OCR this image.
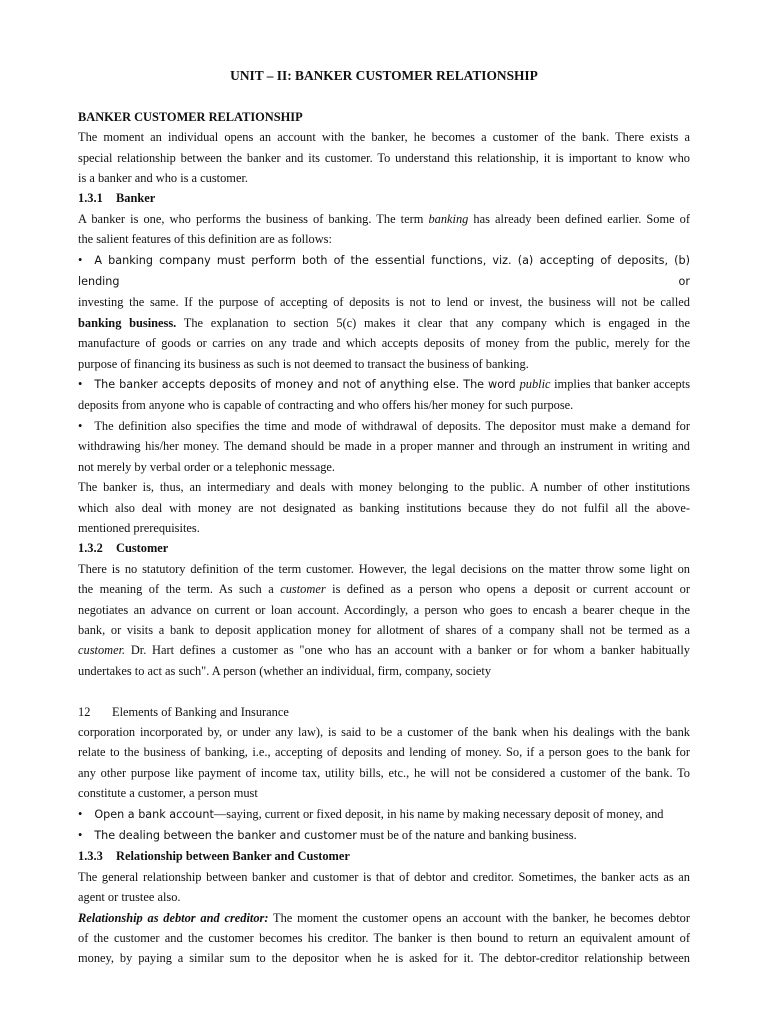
UNIT – II: BANKER CUSTOMER RELATIONSHIP

BANKER CUSTOMER RELATIONSHIP

The moment an individual opens an account with the banker, he becomes a customer of the bank. There exists a

special relationship between the banker and its customer. To understand this relationship, it is important to know who

is a banker and who is a customer.

1.3.1 Banker

A banker is one, who performs the business of banking. The term banking has already been defined earlier. Some of

the salient features of this definition are as follows:

• A banking company must perform both of the essential functions, viz. (a) accepting of deposits, (b) lending or

investing the same. If the purpose of accepting of deposits is not to lend or invest, the business will not be called

banking business. The explanation to section 5(c) makes it clear that any company which is engaged in the

manufacture of goods or carries on any trade and which accepts deposits of money from the public, merely for the

purpose of financing its business as such is not deemed to transact the business of banking.

• The banker accepts deposits of money and not of anything else. The word public implies that banker accepts

deposits from anyone who is capable of contracting and who offers his/her money for such purpose.

• The definition also specifies the time and mode of withdrawal of deposits. The depositor must make a demand for

withdrawing his/her money. The demand should be made in a proper manner and through an instrument in writing and

not merely by verbal order or a telephonic message.

The banker is, thus, an intermediary and deals with money belonging to the public. A number of other institutions

which also deal with money are not designated as banking institutions because they do not fulfil all the above-

mentioned prerequisites.

1.3.2 Customer

There is no statutory definition of the term customer. However, the legal decisions on the matter throw some light on

the meaning of the term. As such a customer is defined as a person who opens a deposit or current account or

negotiates an advance on current or loan account. Accordingly, a person who goes to encash a bearer cheque in the

bank, or visits a bank to deposit application money for allotment of shares of a company shall not be termed as a

customer. Dr. Hart defines a customer as "one who has an account with a banker or for whom a banker habitually

undertakes to act as such". A person (whether an individual, firm, company, society

12 Elements of Banking and Insurance

corporation incorporated by, or under any law), is said to be a customer of the bank when his dealings with the bank

relate to the business of banking, i.e., accepting of deposits and lending of money. So, if a person goes to the bank for

any other purpose like payment of income tax, utility bills, etc., he will not be considered a customer of the bank. To

constitute a customer, a person must

• Open a bank account—saying, current or fixed deposit, in his name by making necessary deposit of money, and

• The dealing between the banker and customer must be of the nature and banking business.

1.3.3 Relationship between Banker and Customer

The general relationship between banker and customer is that of debtor and creditor. Sometimes, the banker acts as an

agent or trustee also.

Relationship as debtor and creditor: The moment the customer opens an account with the banker, he becomes debtor

of the customer and the customer becomes his creditor. The banker is then bound to return an equivalent amount of

money, by paying a similar sum to the depositor when he is asked for it. The debtor-creditor relationship between
